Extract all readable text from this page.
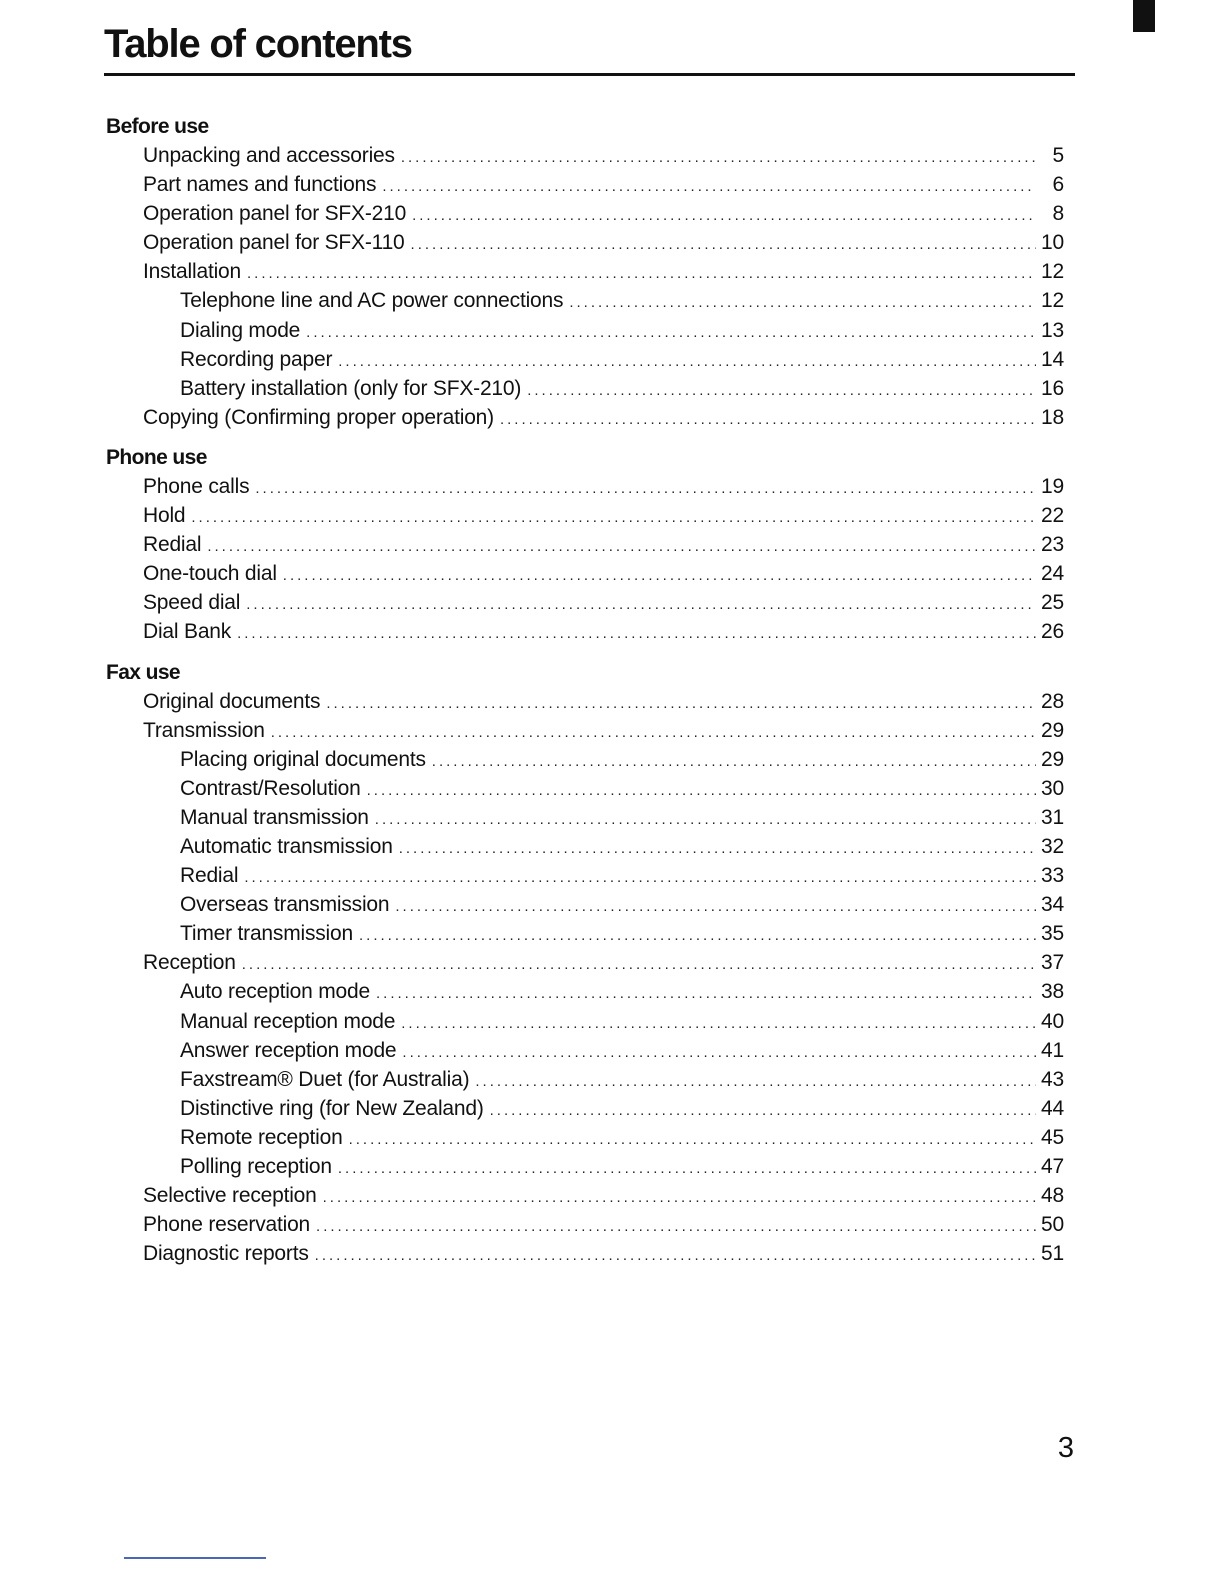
Table of contents
Before use
Unpacking and accessories .....	5
Part names and functions .....	6
Operation panel for SFX-210 .....	8
Operation panel for SFX-110 .....	10
Installation .....	12
Telephone line and AC power connections .....	12
Dialing mode .....	13
Recording paper .....	14
Battery installation (only for SFX-210) .....	16
Copying (Confirming proper operation) .....	18
Phone use
Phone calls .....	19
Hold .....	22
Redial .....	23
One-touch dial .....	24
Speed dial .....	25
Dial Bank .....	26
Fax use
Original documents .....	28
Transmission .....	29
Placing original documents .....	29
Contrast/Resolution .....	30
Manual transmission .....	31
Automatic transmission .....	32
Redial .....	33
Overseas transmission .....	34
Timer transmission .....	35
Reception .....	37
Auto reception mode .....	38
Manual reception mode .....	40
Answer reception mode .....	41
Faxstream® Duet (for Australia) .....	43
Distinctive ring (for New Zealand) .....	44
Remote reception .....	45
Polling reception .....	47
Selective reception .....	48
Phone reservation .....	50
Diagnostic reports .....	51
3
